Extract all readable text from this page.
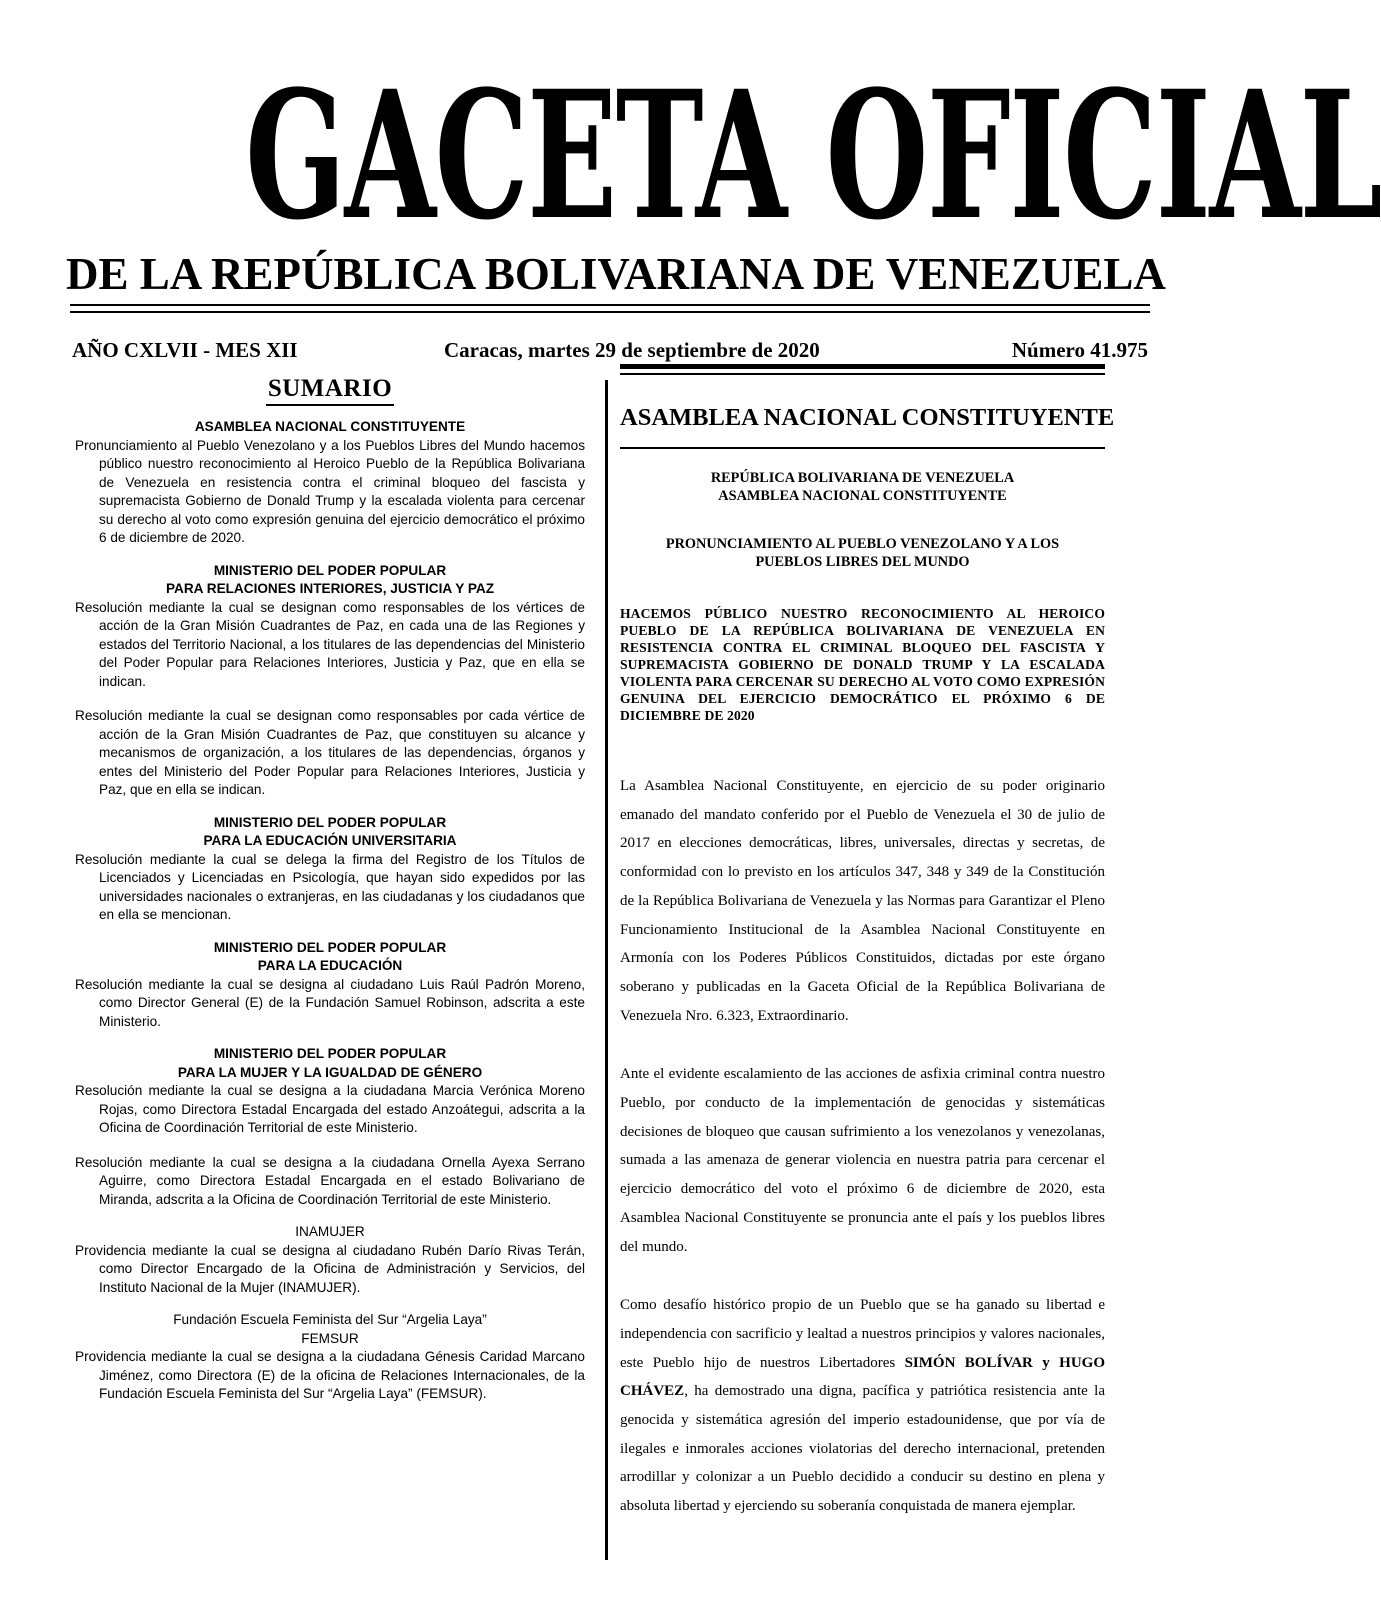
GACETA OFICIAL
DE LA REPÚBLICA BOLIVARIANA DE VENEZUELA
AÑO CXLVII - MES XII	Caracas, martes 29 de septiembre de 2020	Número 41.975
SUMARIO

ASAMBLEA NACIONAL CONSTITUYENTE

Pronunciamiento al Pueblo Venezolano y a los Pueblos Libres del Mundo hacemos público nuestro reconocimiento al Heroico Pueblo de la República Bolivariana de Venezuela en resistencia contra el criminal bloqueo del fascista y supremacista Gobierno de Donald Trump y la escalada violenta para cercenar su derecho al voto como expresión genuina del ejercicio democrático el próximo 6 de diciembre de 2020.

MINISTERIO DEL PODER POPULAR

PARA RELACIONES INTERIORES, JUSTICIA Y PAZ

Resolución mediante la cual se designan como responsables de los vértices de acción de la Gran Misión Cuadrantes de Paz, en cada una de las Regiones y estados del Territorio Nacional, a los titulares de las dependencias del Ministerio del Poder Popular para Relaciones Interiores, Justicia y Paz, que en ella se indican.

Resolución mediante la cual se designan como responsables por cada vértice de acción de la Gran Misión Cuadrantes de Paz, que constituyen su alcance y mecanismos de organización, a los titulares de las dependencias, órganos y entes del Ministerio del Poder Popular para Relaciones Interiores, Justicia y Paz, que en ella se indican.

MINISTERIO DEL PODER POPULAR

PARA LA EDUCACIÓN UNIVERSITARIA

Resolución mediante la cual se delega la firma del Registro de los Títulos de Licenciados y Licenciadas en Psicología, que hayan sido expedidos por las universidades nacionales o extranjeras, en las ciudadanas y los ciudadanos que en ella se mencionan.

MINISTERIO DEL PODER POPULAR

PARA LA EDUCACIÓN

Resolución mediante la cual se designa al ciudadano Luis Raúl Padrón Moreno, como Director General (E) de la Fundación Samuel Robinson, adscrita a este Ministerio.

MINISTERIO DEL PODER POPULAR

PARA LA MUJER Y LA IGUALDAD DE GÉNERO

Resolución mediante la cual se designa a la ciudadana Marcia Verónica Moreno Rojas, como Directora Estadal Encargada del estado Anzoátegui, adscrita a la Oficina de Coordinación Territorial de este Ministerio.

Resolución mediante la cual se designa a la ciudadana Ornella Ayexa Serrano Aguirre, como Directora Estadal Encargada en el estado Bolivariano de Miranda, adscrita a la Oficina de Coordinación Territorial de este Ministerio.

INAMUJER

Providencia mediante la cual se designa al ciudadano Rubén Darío Rivas Terán, como Director Encargado de la Oficina de Administración y Servicios, del Instituto Nacional de la Mujer (INAMUJER).

Fundación Escuela Feminista del Sur “Argelia Laya”

FEMSUR

Providencia mediante la cual se designa a la ciudadana Génesis Caridad Marcano Jiménez, como Directora (E) de la oficina de Relaciones Internacionales, de la Fundación Escuela Feminista del Sur “Argelia Laya” (FEMSUR).

ASAMBLEA NACIONAL CONSTITUYENTE

REPÚBLICA BOLIVARIANA DE VENEZUELA

ASAMBLEA NACIONAL CONSTITUYENTE

PRONUNCIAMIENTO AL PUEBLO VENEZOLANO Y A LOS

PUEBLOS LIBRES DEL MUNDO

HACEMOS PÚBLICO NUESTRO RECONOCIMIENTO AL HEROICO PUEBLO DE LA REPÚBLICA BOLIVARIANA DE VENEZUELA EN RESISTENCIA CONTRA EL CRIMINAL BLOQUEO DEL FASCISTA Y SUPREMACISTA GOBIERNO DE DONALD TRUMP Y LA ESCALADA VIOLENTA PARA CERCENAR SU DERECHO AL VOTO COMO EXPRESIÓN GENUINA DEL EJERCICIO DEMOCRÁTICO EL PRÓXIMO 6 DE DICIEMBRE DE 2020

La Asamblea Nacional Constituyente, en ejercicio de su poder originario emanado del mandato conferido por el Pueblo de Venezuela el 30 de julio de 2017 en elecciones democráticas, libres, universales, directas y secretas, de conformidad con lo previsto en los artículos 347, 348 y 349 de la Constitución de la República Bolivariana de Venezuela y las Normas para Garantizar el Pleno Funcionamiento Institucional de la Asamblea Nacional Constituyente en Armonía con los Poderes Públicos Constituidos, dictadas por este órgano soberano y publicadas en la Gaceta Oficial de la República Bolivariana de Venezuela Nro. 6.323, Extraordinario.

Ante el evidente escalamiento de las acciones de asfixia criminal contra nuestro Pueblo, por conducto de la implementación de genocidas y sistemáticas decisiones de bloqueo que causan sufrimiento a los venezolanos y venezolanas, sumada a las amenaza de generar violencia en nuestra patria para cercenar el ejercicio democrático del voto el próximo 6 de diciembre de 2020, esta Asamblea Nacional Constituyente se pronuncia ante el país y los pueblos libres del mundo.

Como desafío histórico propio de un Pueblo que se ha ganado su libertad e independencia con sacrificio y lealtad a nuestros principios y valores nacionales, este Pueblo hijo de nuestros Libertadores SIMÓN BOLÍVAR y HUGO CHÁVEZ, ha demostrado una digna, pacífica y patriótica resistencia ante la genocida y sistemática agresión del imperio estadounidense, que por vía de ilegales e inmorales acciones violatorias del derecho internacional, pretenden arrodillar y colonizar a un Pueblo decidido a conducir su destino en plena y absoluta libertad y ejerciendo su soberanía conquistada de manera ejemplar.
